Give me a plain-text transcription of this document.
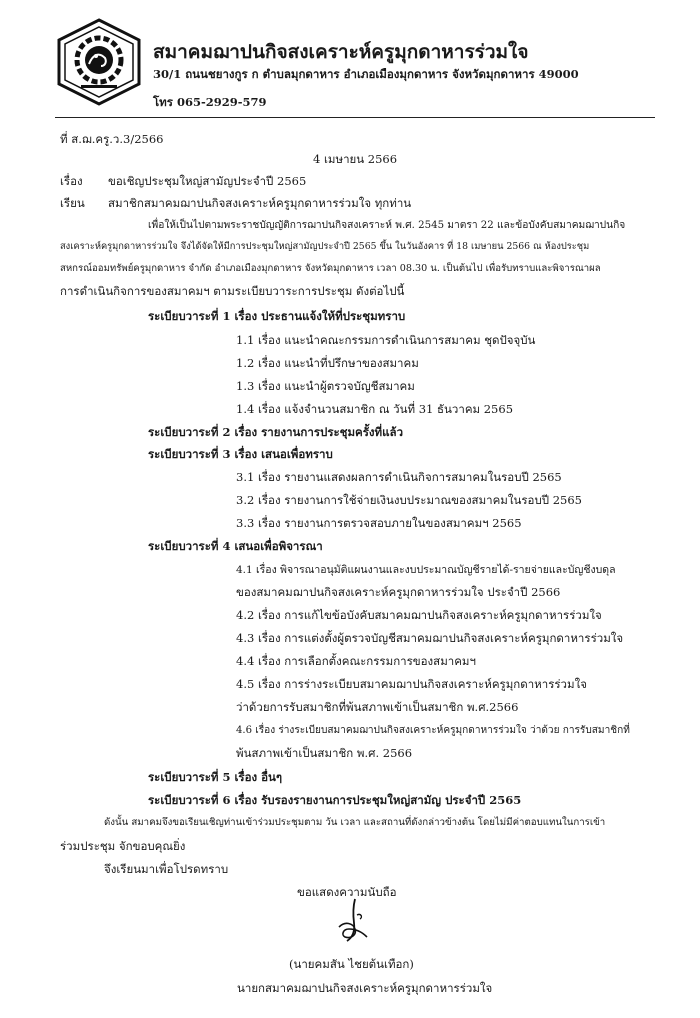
สมาคมฌาปนกิจสงเคราะห์ครูมุกดาหารร่วมใจ
30/1 ถนนชยางกูร ก ตำบลมุกดาหาร อำเภอเมืองมุกดาหาร จังหวัดมุกดาหาร 49000
โทร 065-2929-579
ที่ ส.ฌ.ครู.ว.3/2566
4 เมษายน 2566
เรื่อง ขอเชิญประชุมใหญ่สามัญประจำปี 2565
เรียน สมาชิกสมาคมฌาปนกิจสงเคราะห์ครูมุกดาหารร่วมใจ ทุกท่าน
เพื่อให้เป็นไปตามพระราชบัญญัติการฌาปนกิจสงเคราะห์ พ.ศ. 2545 มาตรา 22 และข้อบังคับสมาคมฌาปนกิจ
สงเคราะห์ครูมุกดาหารร่วมใจ จึงได้จัดให้มีการประชุมใหญ่สามัญประจำปี 2565 ขึ้น ในวันอังคาร ที่ 18 เมษายน 2566 ณ ห้องประชุม
สหกรณ์ออมทรัพย์ครูมุกดาหาร จำกัด อำเภอเมืองมุกดาหาร จังหวัดมุกดาหาร เวลา 08.30 น. เป็นต้นไป เพื่อรับทราบและพิจารณาผล
การดำเนินกิจการของสมาคมฯ ตามระเบียบวาระการประชุม ดังต่อไปนี้
ระเบียบวาระที่ 1 เรื่อง ประธานแจ้งให้ที่ประชุมทราบ
1.1 เรื่อง แนะนำคณะกรรมการดำเนินการสมาคม ชุดปัจจุบัน
1.2 เรื่อง แนะนำที่ปรึกษาของสมาคม
1.3 เรื่อง แนะนำผู้ตรวจบัญชีสมาคม
1.4 เรื่อง แจ้งจำนวนสมาชิก ณ วันที่ 31 ธันวาคม 2565
ระเบียบวาระที่ 2 เรื่อง รายงานการประชุมครั้งที่แล้ว
ระเบียบวาระที่ 3 เรื่อง เสนอเพื่อทราบ
3.1 เรื่อง รายงานแสดงผลการดำเนินกิจการสมาคมในรอบปี 2565
3.2 เรื่อง รายงานการใช้จ่ายเงินงบประมาณของสมาคมในรอบปี 2565
3.3 เรื่อง รายงานการตรวจสอบภายในของสมาคมฯ 2565
ระเบียบวาระที่ 4 เสนอเพื่อพิจารณา
4.1 เรื่อง พิจารณาอนุมัติแผนงานและงบประมาณบัญชีรายได้-รายจ่ายและบัญชีงบดุล
ของสมาคมฌาปนกิจสงเคราะห์ครูมุกดาหารร่วมใจ ประจำปี 2566
4.2 เรื่อง การแก้ไขข้อบังคับสมาคมฌาปนกิจสงเคราะห์ครูมุกดาหารร่วมใจ
4.3 เรื่อง การแต่งตั้งผู้ตรวจบัญชีสมาคมฌาปนกิจสงเคราะห์ครูมุกดาหารร่วมใจ
4.4 เรื่อง การเลือกตั้งคณะกรรมการของสมาคมฯ
4.5 เรื่อง การร่างระเบียบสมาคมฌาปนกิจสงเคราะห์ครูมุกดาหารร่วมใจ
ว่าด้วยการรับสมาชิกที่พ้นสภาพเข้าเป็นสมาชิก พ.ศ.2566
4.6 เรื่อง ร่างระเบียบสมาคมฌาปนกิจสงเคราะห์ครูมุกดาหารร่วมใจ ว่าด้วย การรับสมาชิกที่
พ้นสภาพเข้าเป็นสมาชิก พ.ศ. 2566
ระเบียบวาระที่ 5 เรื่อง อื่นๆ
ระเบียบวาระที่ 6 เรื่อง รับรองรายงานการประชุมใหญ่สามัญ ประจำปี 2565
ดังนั้น สมาคมจึงขอเรียนเชิญท่านเข้าร่วมประชุมตาม วัน เวลา และสถานที่ดังกล่าวข้างต้น โดยไม่มีค่าตอบแทนในการเข้า
ร่วมประชุม จักขอบคุณยิ่ง
จึงเรียนมาเพื่อโปรดทราบ
ขอแสดงความนับถือ
(นายคมสัน ไชยต้นเทือก)
นายกสมาคมฌาปนกิจสงเคราะห์ครูมุกดาหารร่วมใจ
